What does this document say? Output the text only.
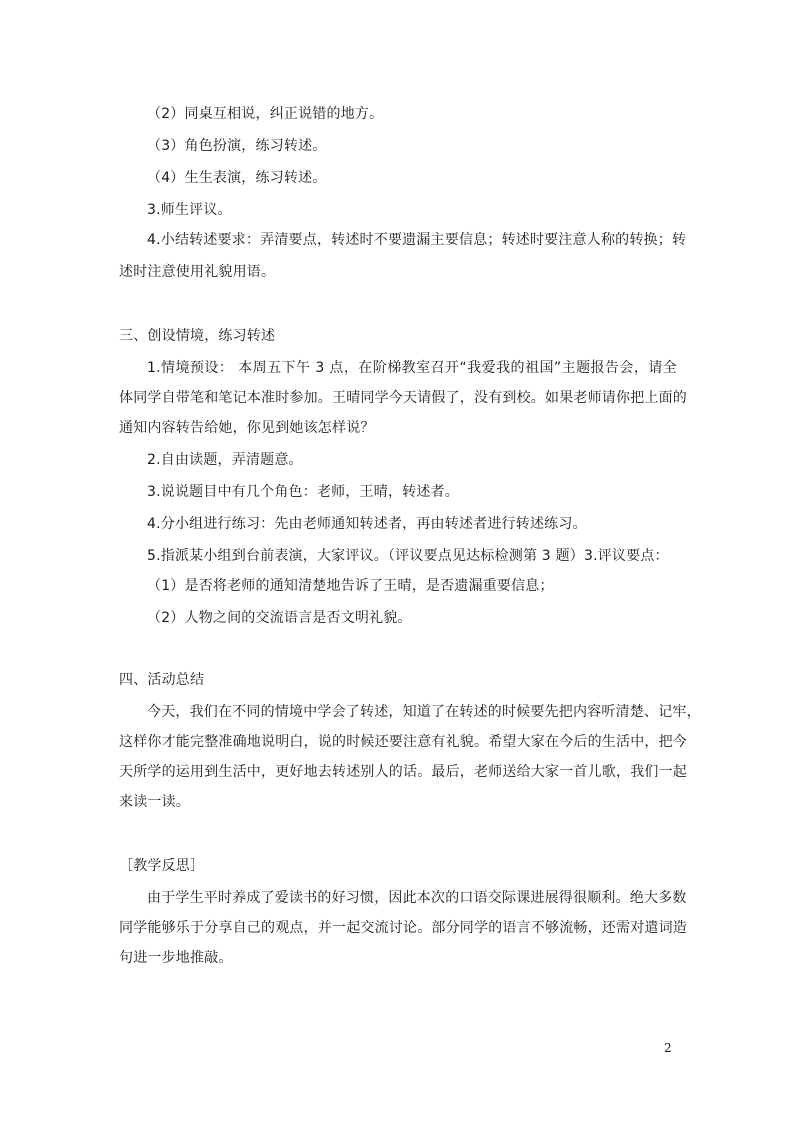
（2）同桌互相说，纠正说错的地方。
（3）角色扮演，练习转述。
（4）生生表演，练习转述。
3.师生评议。
4.小结转述要求：弄清要点，转述时不要遗漏主要信息；转述时要注意人称的转换；转
述时注意使用礼貌用语。
三、创设情境，练习转述
1.情境预设： 本周五下午 3 点，在阶梯教室召开“我爱我的祖国”主题报告会，请全
体同学自带笔和笔记本准时参加。王晴同学今天请假了，没有到校。如果老师请你把上面的
通知内容转告给她，你见到她该怎样说？
2.自由读题，弄清题意。
3.说说题目中有几个角色：老师，王晴，转述者。
4.分小组进行练习：先由老师通知转述者，再由转述者进行转述练习。
5.指派某小组到台前表演，大家评议。（评议要点见达标检测第 3 题）3.评议要点：
（1）是否将老师的通知清楚地告诉了王晴，是否遗漏重要信息；
（2）人物之间的交流语言是否文明礼貌。
四、活动总结
今天，我们在不同的情境中学会了转述，知道了在转述的时候要先把内容听清楚、记牢，
这样你才能完整准确地说明白，说的时候还要注意有礼貌。希望大家在今后的生活中，把今
天所学的运用到生活中，更好地去转述别人的话。最后，老师送给大家一首儿歌，我们一起
来读一读。
［教学反思］
由于学生平时养成了爱读书的好习惯，因此本次的口语交际课进展得很顺利。绝大多数
同学能够乐于分享自己的观点，并一起交流讨论。部分同学的语言不够流畅，还需对遣词造
句进一步地推敲。
2
